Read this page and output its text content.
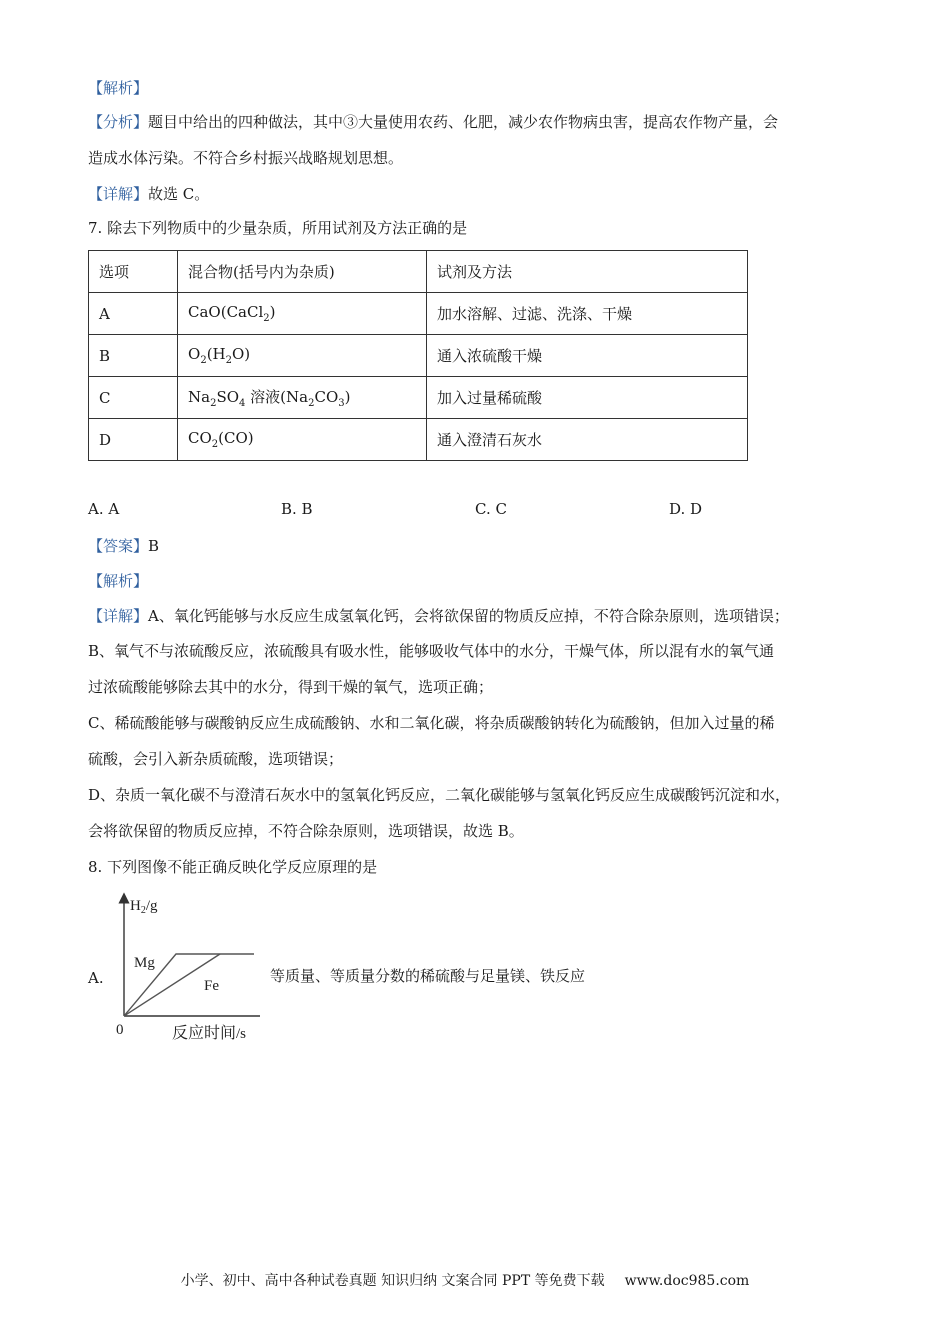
【解析】
【分析】题目中给出的四种做法，其中③大量使用农药、化肥，减少农作物病虫害，提高农作物产量，会
造成水体污染。不符合乡村振兴战略规划思想。
【详解】故选 C。
7. 除去下列物质中的少量杂质，所用试剂及方法正确的是
选项	混合物(括号内为杂质)	试剂及方法
A	CaO(CaCl$_2$)	加水溶解、过滤、洗涤、干燥
B	$O_2(H_2O)$	通入浓硫酸干燥
C	$Na_2SO_4$ 溶液$(Na_2CO_3)$	加入过量稀硫酸
D	$CO_2(CO)$	通入澄清石灰水
A. A	B. B	C. C	D. D
【答案】B
【解析】
【详解】A、氧化钙能够与水反应生成氢氧化钙，会将欲保留的物质反应掉，不符合除杂原则，选项错误；
B、氧气不与浓硫酸反应，浓硫酸具有吸水性，能够吸收气体中的水分，干燥气体，所以混有水的氧气通
过浓硫酸能够除去其中的水分，得到干燥的氧气，选项正确；
C、稀硫酸能够与碳酸钠反应生成硫酸钠、水和二氧化碳，将杂质碳酸钠转化为硫酸钠，但加入过量的稀
硫酸，会引入新杂质硫酸，选项错误；
D、杂质一氧化碳不与澄清石灰水中的氢氧化钙反应，二氧化碳能够与氢氧化钙反应生成碳酸钙沉淀和水，
会将欲保留的物质反应掉，不符合除杂原则，选项错误，故选 B。
8. 下列图像不能正确反映化学反应原理的是
A.
$H_2/g$
Mg
Fe
0	反应时间/s
等质量、等质量分数的稀硫酸与足量镁、铁反应
小学、初中、高中各种试卷真题 知识归纳 文案合同 PPT 等免费下载 www.doc985.com
